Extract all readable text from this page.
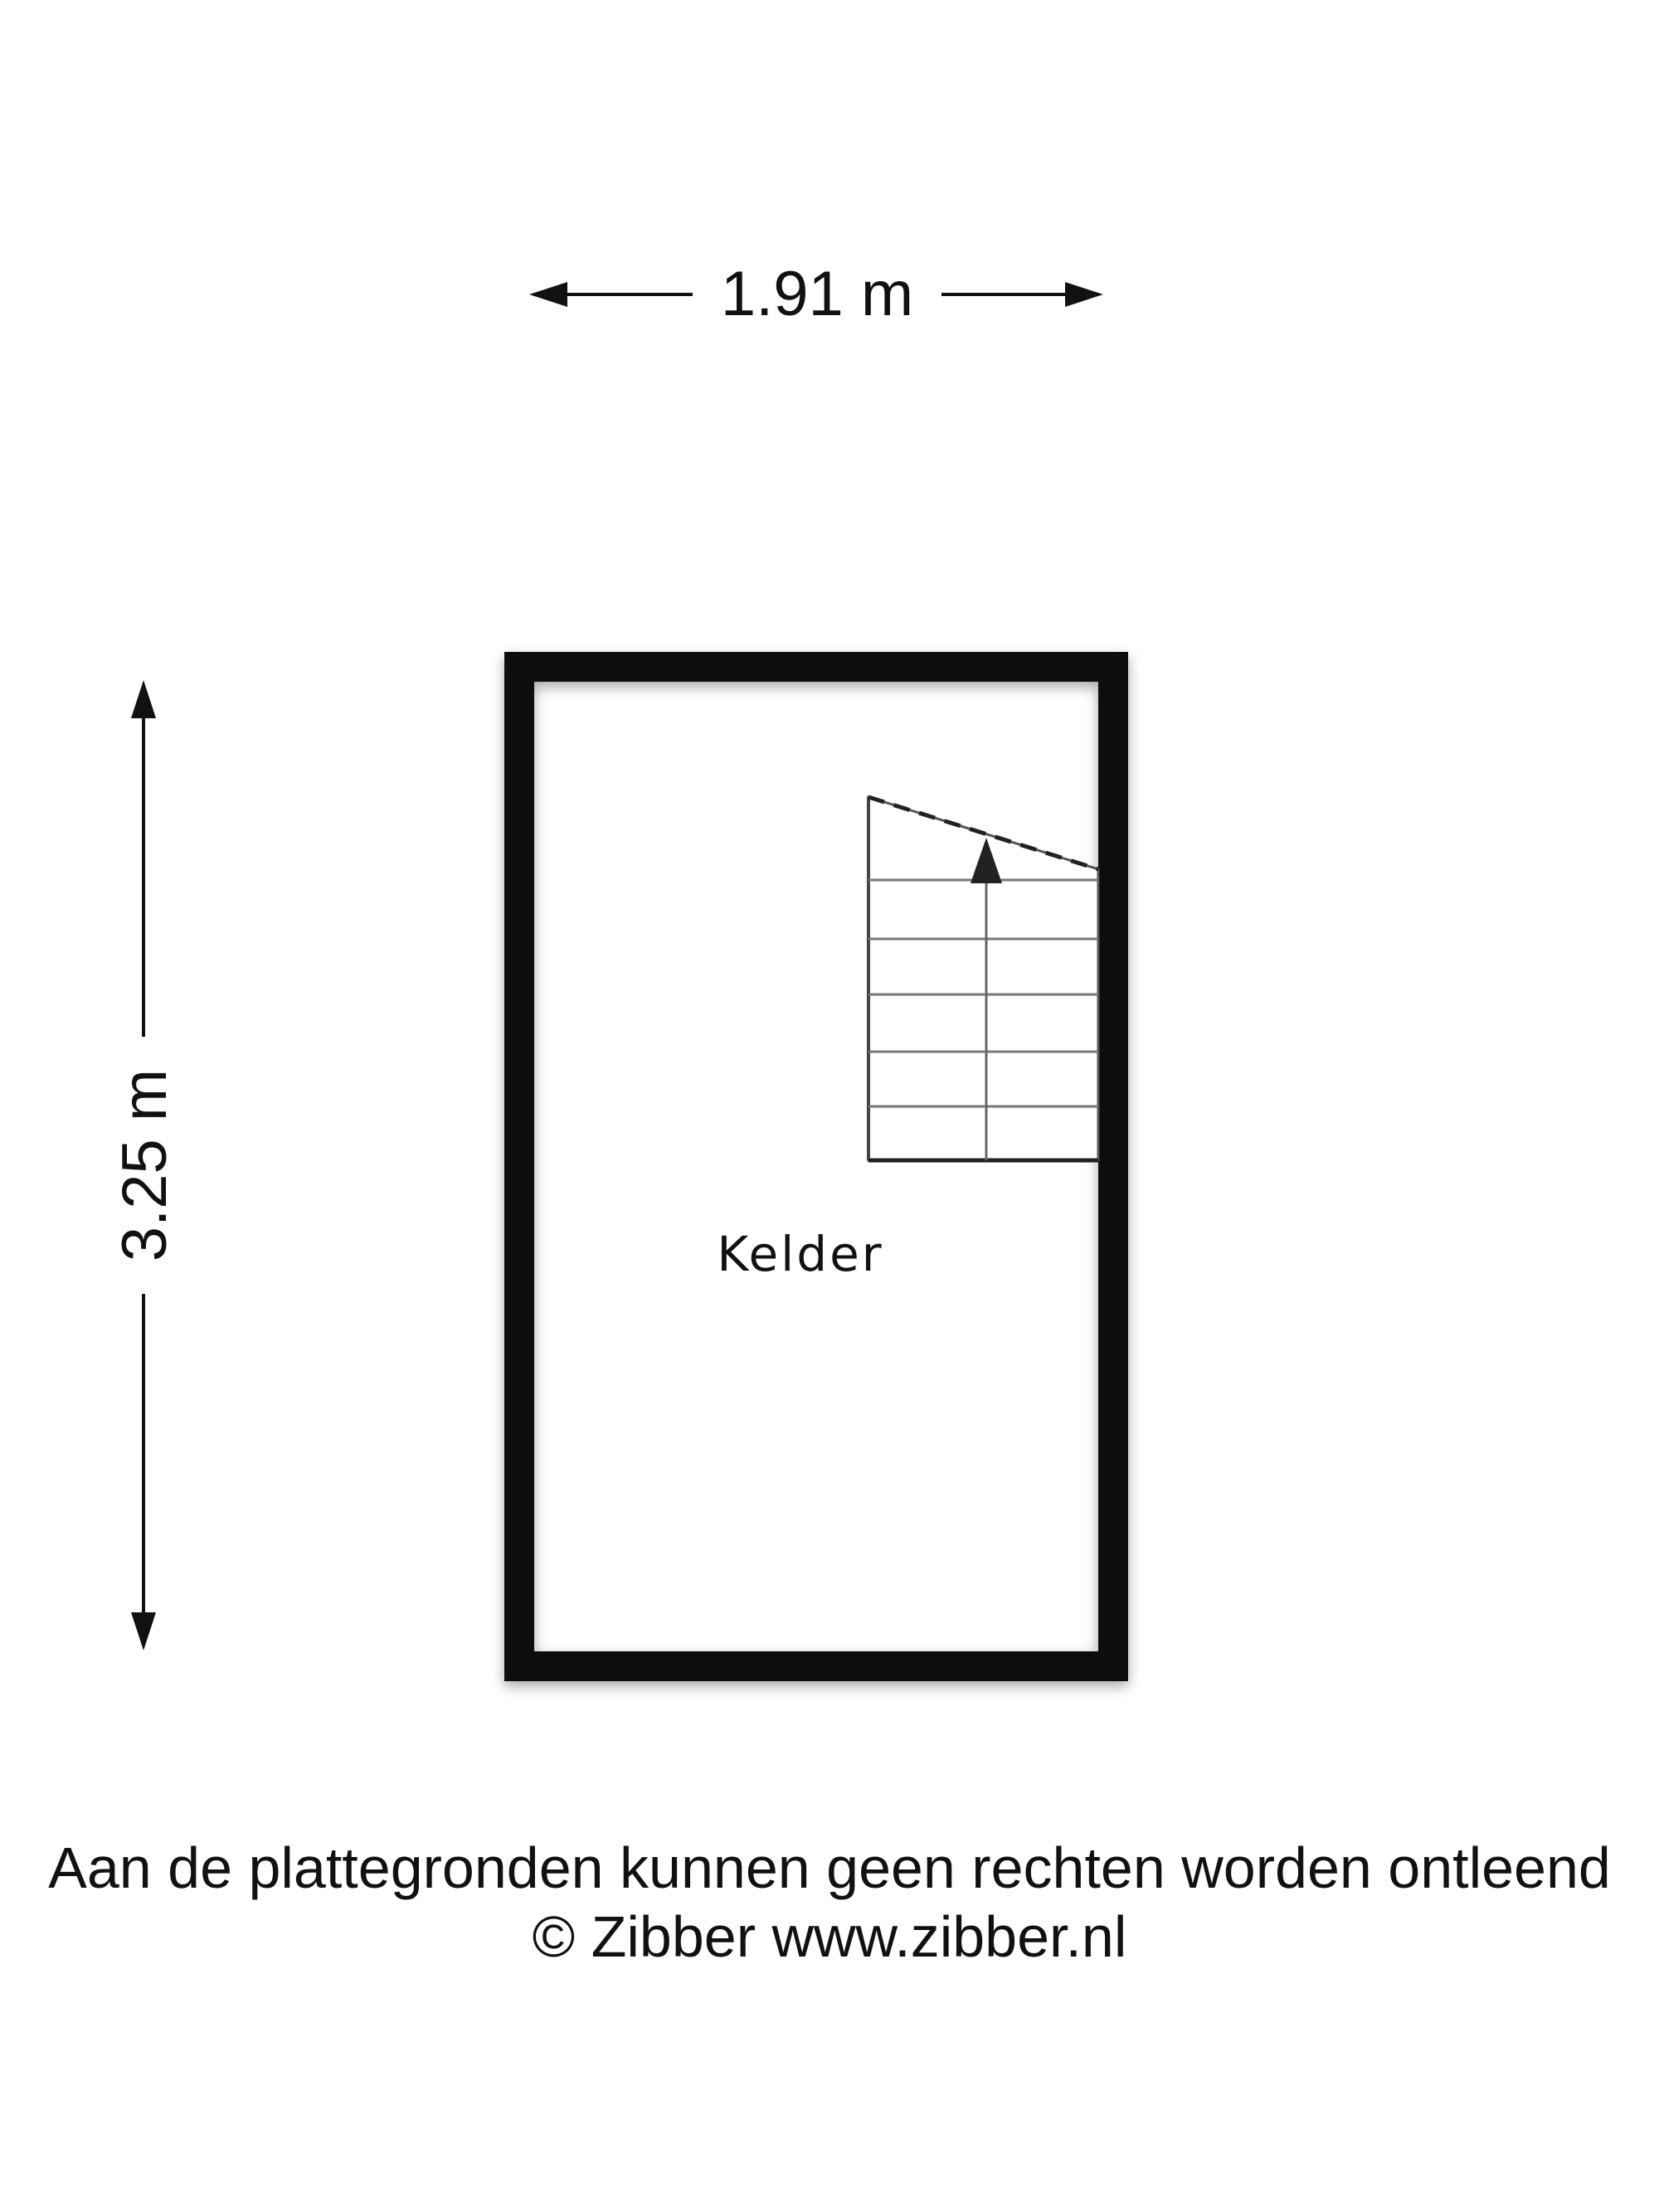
1.91 m
3.25 m	Kelder
Aan de plattegronden kunnen geen rechten worden ontleend
© Zibber www.zibber.nl
